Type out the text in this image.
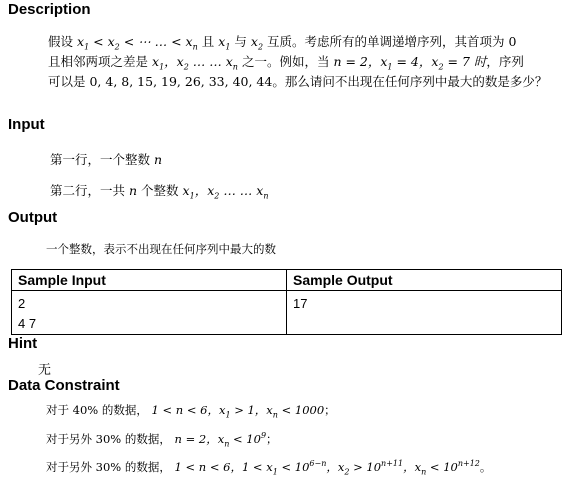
Description
假设 $x_1 < x_2$ < ⋯ … < $x_n$ 且 $x_1$ 与 $x_2$ 互质。考虑所有的单调递增序列，其首项为 0
且相邻两项之差是 $x_1$，$x_2$ … … $x_n$ 之一。例如，当 n = 2，$x_1 = 4$，$x_2 = 7$ 时，序列
可以是 0, 4, 8, 15, 19, 26, 33, 40, 44。那么请问不出现在任何序列中最大的数是多少？
Input
第一行，一个整数 n
第二行，一共 n 个整数 $x_1$，$x_2$ … … $x_n$
Output
一个整数，表示不出现在任何序列中最大的数
Sample Input	Sample Output

2
4 7	17
Hint
无
Data Constraint
对于 40% 的数据， 1 < n < 6，$x_1 > 1$，$x_n < 1000$；
对于另外 30% 的数据， n = 2，$x_n < 10^9$；
对于另外 30% 的数据， 1 < n < 6，$1 < x_1 < 10^{6-n}$，$x_2 > 10^{n+11}$，$x_n < 10^{n+12}$。
